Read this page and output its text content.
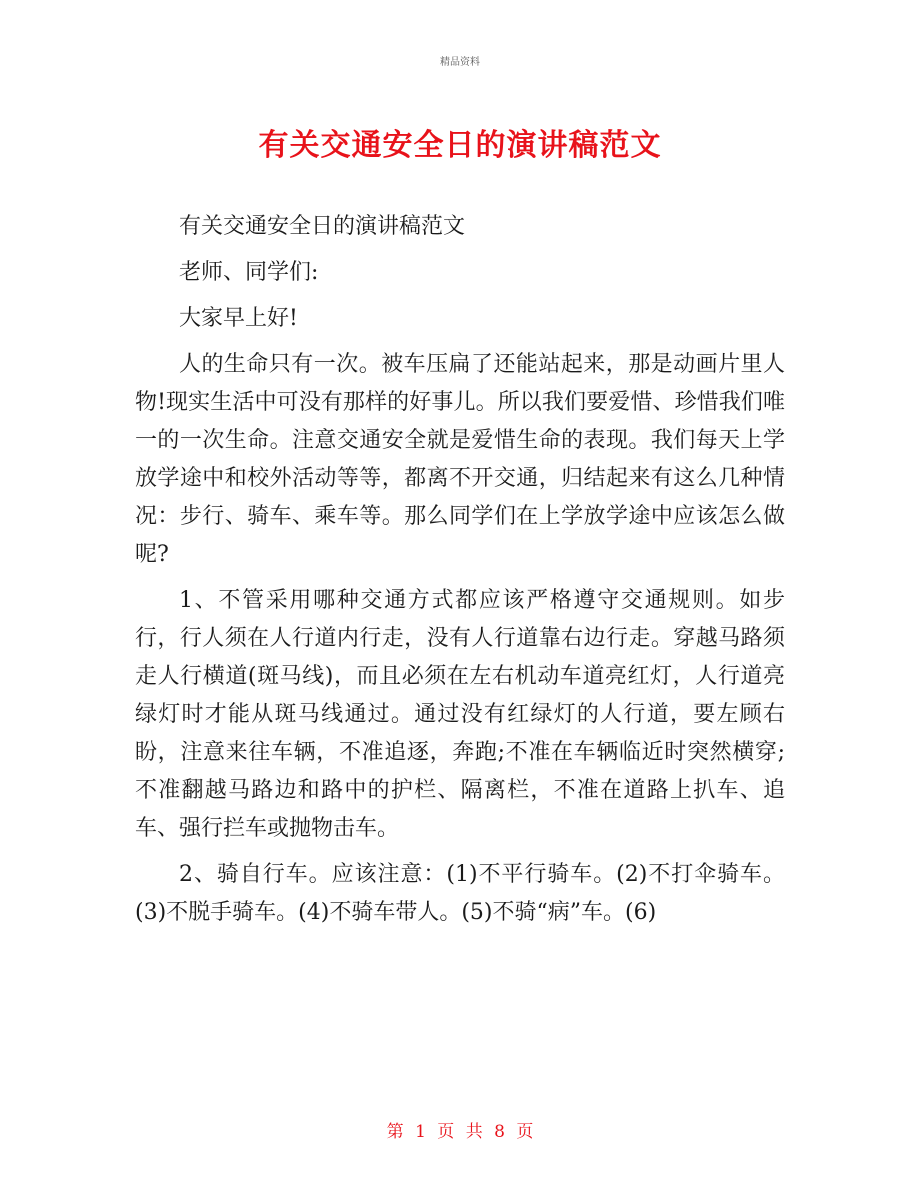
精品资料
有关交通安全日的演讲稿范文

有关交通安全日的演讲稿范文

老师、同学们:

大家早上好!

人的生命只有一次。被车压扁了还能站起来，那是动画片里人物!现实生活中可没有那样的好事儿。所以我们要爱惜、珍惜我们唯一的一次生命。注意交通安全就是爱惜生命的表现。我们每天上学放学途中和校外活动等等，都离不开交通，归结起来有这么几种情况：步行、骑车、乘车等。那么同学们在上学放学途中应该怎么做呢?

1、不管采用哪种交通方式都应该严格遵守交通规则。如步行，行人须在人行道内行走，没有人行道靠右边行走。穿越马路须走人行横道(斑马线)，而且必须在左右机动车道亮红灯，人行道亮绿灯时才能从斑马线通过。通过没有红绿灯的人行道，要左顾右盼，注意来往车辆，不准追逐，奔跑;不准在车辆临近时突然横穿;不准翻越马路边和路中的护栏、隔离栏，不准在道路上扒车、追车、强行拦车或抛物击车。

2、骑自行车。应该注意：(1)不平行骑车。(2)不打伞骑车。(3)不脱手骑车。(4)不骑车带人。(5)不骑“病”车。(6)

第 1 页 共 8 页
